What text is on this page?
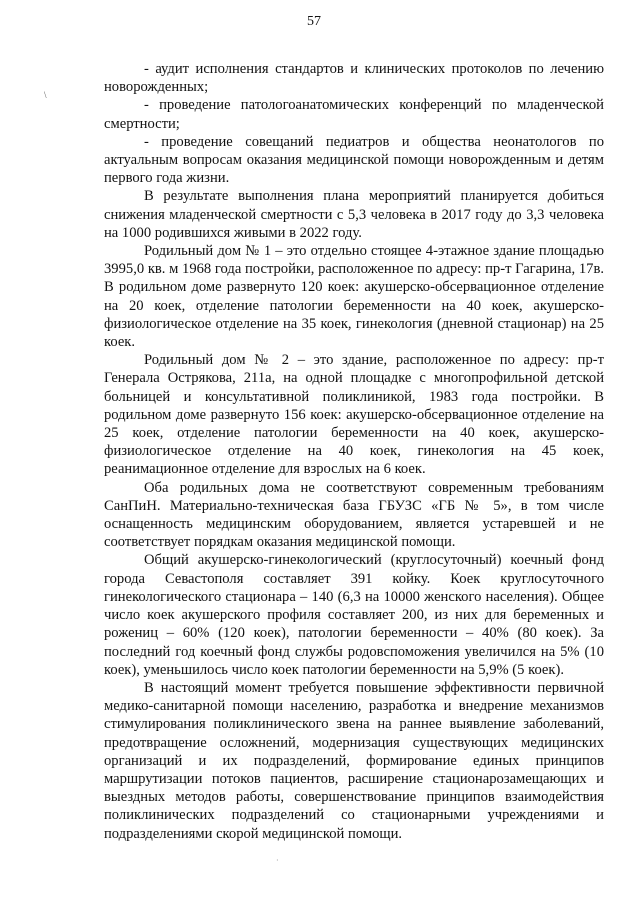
57
\

- аудит исполнения стандартов и клинических протоколов по лечению новорожденных;

- проведение патологоанатомических конференций по младенческой смертности;

- проведение совещаний педиатров и общества неонатологов по актуальным вопросам оказания медицинской помощи новорожденным и детям первого года жизни.

В результате выполнения плана мероприятий планируется добиться снижения младенческой смертности с 5,3 человека в 2017 году до 3,3 человека на 1000 родившихся живыми в 2022 году.

Родильный дом № 1 – это отдельно стоящее 4-этажное здание площадью 3995,0 кв. м 1968 года постройки, расположенное по адресу: пр-т Гагарина, 17в. В родильном доме развернуто 120 коек: акушерско-обсервационное отделение на 20 коек, отделение патологии беременности на 40 коек, акушерско-физиологическое отделение на 35 коек, гинекология (дневной стационар) на 25 коек.

Родильный дом № 2 – это здание, расположенное по адресу: пр-т Генерала Острякова, 211а, на одной площадке с многопрофильной детской больницей и консультативной поликлиникой, 1983 года постройки. В родильном доме развернуто 156 коек: акушерско-обсервационное отделение на 25 коек, отделение патологии беременности на 40 коек, акушерско-физиологическое отделение на 40 коек, гинекология на 45 коек, реанимационное отделение для взрослых на 6 коек.

Оба родильных дома не соответствуют современным требованиям СанПиН. Материально-техническая база ГБУЗС «ГБ № 5», в том числе оснащенность медицинским оборудованием, является устаревшей и не соответствует порядкам оказания медицинской помощи.

Общий акушерско-гинекологический (круглосуточный) коечный фонд города Севастополя составляет 391 койку. Коек круглосуточного гинекологического стационара – 140 (6,3 на 10000 женского населения). Общее число коек акушерского профиля составляет 200, из них для беременных и рожениц – 60% (120 коек), патологии беременности – 40% (80 коек). За последний год коечный фонд службы родовспоможения увеличился на 5% (10 коек), уменьшилось число коек патологии беременности на 5,9% (5 коек).

В настоящий момент требуется повышение эффективности первичной медико-санитарной помощи населению, разработка и внедрение механизмов стимулирования поликлинического звена на раннее выявление заболеваний, предотвращение осложнений, модернизация существующих медицинских организаций и их подразделений, формирование единых принципов маршрутизации потоков пациентов, расширение стационарозамещающих и выездных методов работы, совершенствование принципов взаимодействия поликлинических подразделений со стационарными учреждениями и подразделениями скорой медицинской помощи.

·
